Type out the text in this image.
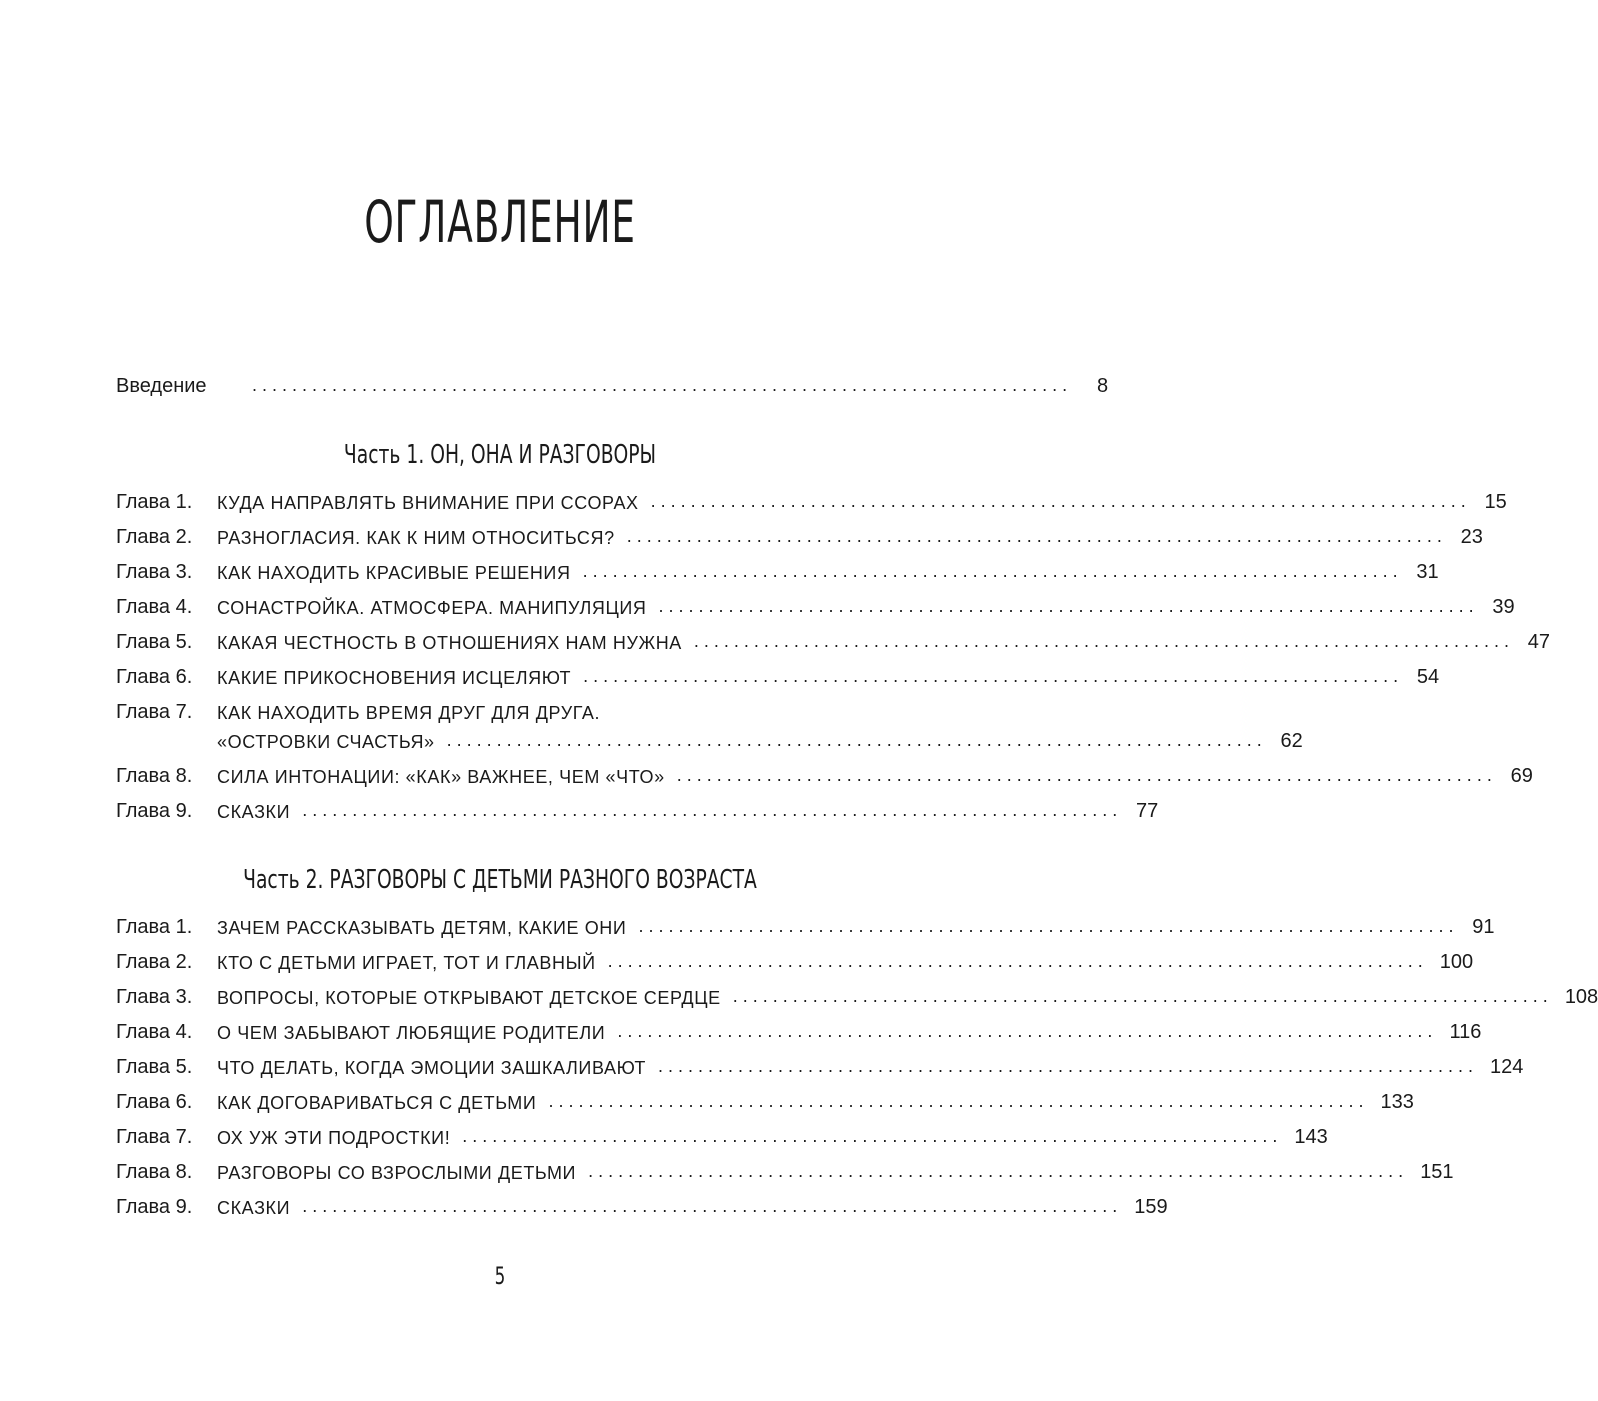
ОГЛАВЛЕНИЕ
Введение	..................................................................................	8
Часть 1. ОН, ОНА И РАЗГОВОРЫ
Глава 1.	КУДА НАПРАВЛЯТЬ ВНИМАНИЕ ПРИ ССОРАХ .................................................................................. 15
Глава 2.	РАЗНОГЛАСИЯ. КАК К НИМ ОТНОСИТЬСЯ? .................................................................................. 23
Глава 3.	КАК НАХОДИТЬ КРАСИВЫЕ РЕШЕНИЯ .................................................................................. 31
Глава 4.	СОНАСТРОЙКА. АТМОСФЕРА. МАНИПУЛЯЦИЯ .................................................................................. 39
Глава 5.	КАКАЯ ЧЕСТНОСТЬ В ОТНОШЕНИЯХ НАМ НУЖНА .................................................................................. 47
Глава 6.	КАКИЕ ПРИКОСНОВЕНИЯ ИСЦЕЛЯЮТ .................................................................................. 54
Глава 7.	КАК НАХОДИТЬ ВРЕМЯ ДРУГ ДЛЯ ДРУГА.
«ОСТРОВКИ СЧАСТЬЯ» .................................................................................. 62
Глава 8.	СИЛА ИНТОНАЦИИ: «КАК» ВАЖНЕЕ, ЧЕМ «ЧТО» .................................................................................. 69
Глава 9.	СКАЗКИ .................................................................................. 77
Часть 2. РАЗГОВОРЫ С ДЕТЬМИ РАЗНОГО ВОЗРАСТА
Глава 1.	ЗАЧЕМ РАССКАЗЫВАТЬ ДЕТЯМ, КАКИЕ ОНИ .................................................................................. 91
Глава 2.	КТО С ДЕТЬМИ ИГРАЕТ, ТОТ И ГЛАВНЫЙ .................................................................................. 100
Глава 3.	ВОПРОСЫ, КОТОРЫЕ ОТКРЫВАЮТ ДЕТСКОЕ СЕРДЦЕ .................................................................................. 108
Глава 4.	О ЧЕМ ЗАБЫВАЮТ ЛЮБЯЩИЕ РОДИТЕЛИ .................................................................................. 116
Глава 5.	ЧТО ДЕЛАТЬ, КОГДА ЭМОЦИИ ЗАШКАЛИВАЮТ .................................................................................. 124
Глава 6.	КАК ДОГОВАРИВАТЬСЯ С ДЕТЬМИ .................................................................................. 133
Глава 7.	ОХ УЖ ЭТИ ПОДРОСТКИ! .................................................................................. 143
Глава 8.	РАЗГОВОРЫ СО ВЗРОСЛЫМИ ДЕТЬМИ .................................................................................. 151
Глава 9.	СКАЗКИ .................................................................................. 159
5
